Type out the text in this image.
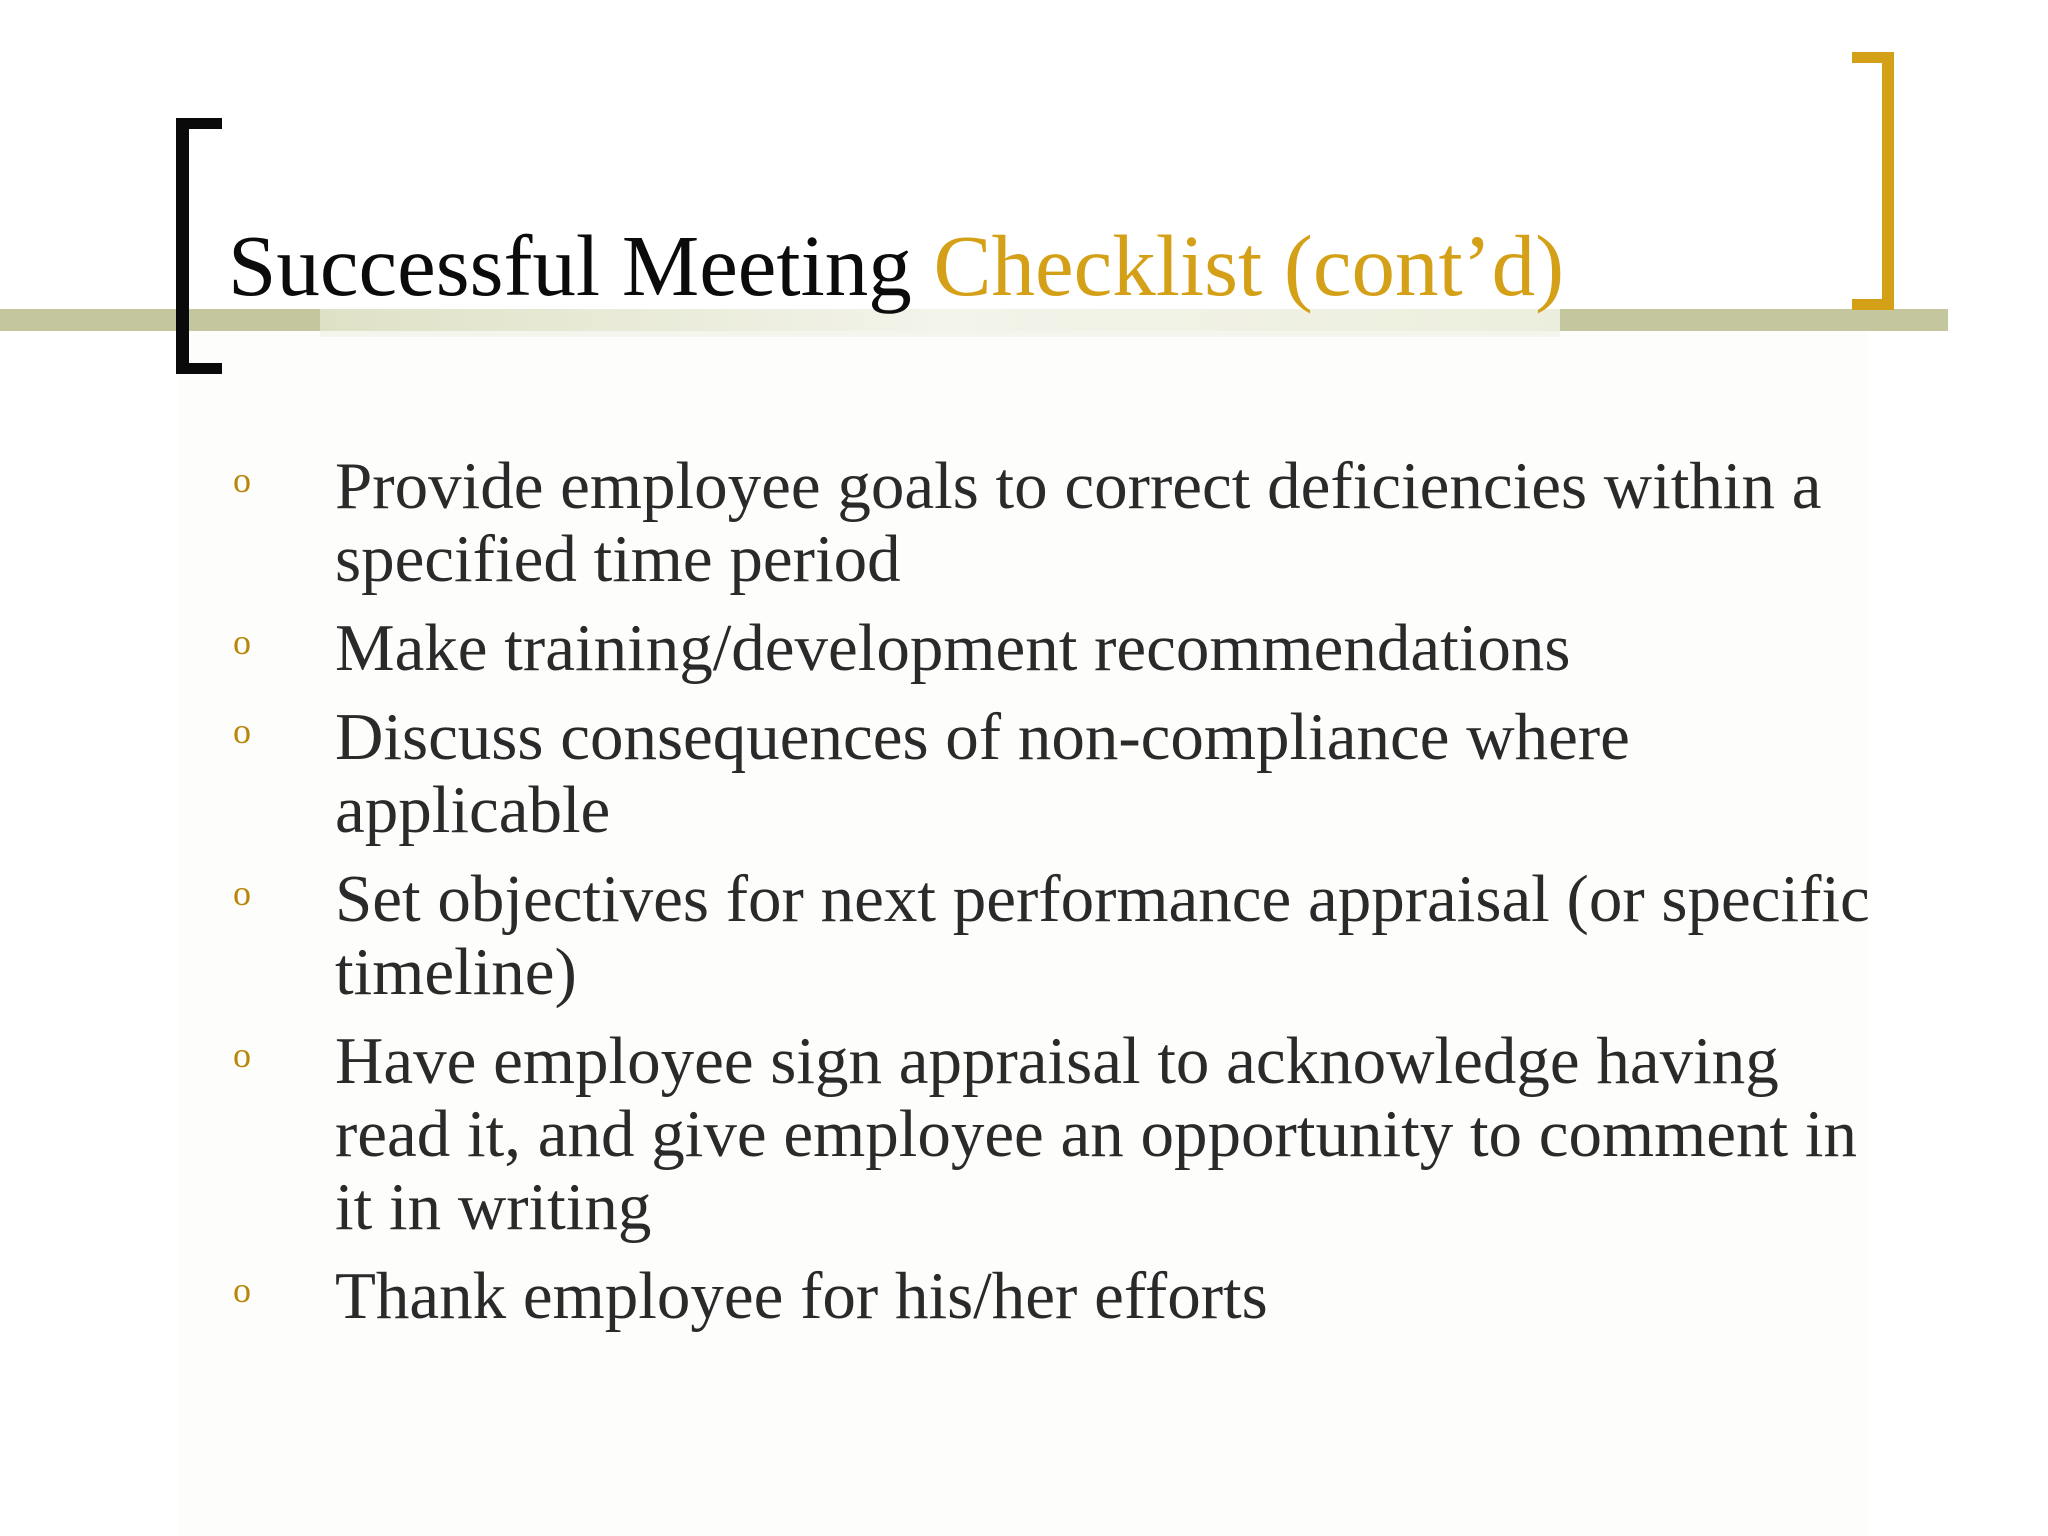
Successful Meeting Checklist (cont’d)
o Provide employee goals to correct deficiencies within a specified time period
o Make training/development recommendations
o Discuss consequences of non-compliance where applicable
o Set objectives for next performance appraisal (or specific timeline)
o Have employee sign appraisal to acknowledge having read it, and give employee an opportunity to comment in it in writing
o Thank employee for his/her efforts
